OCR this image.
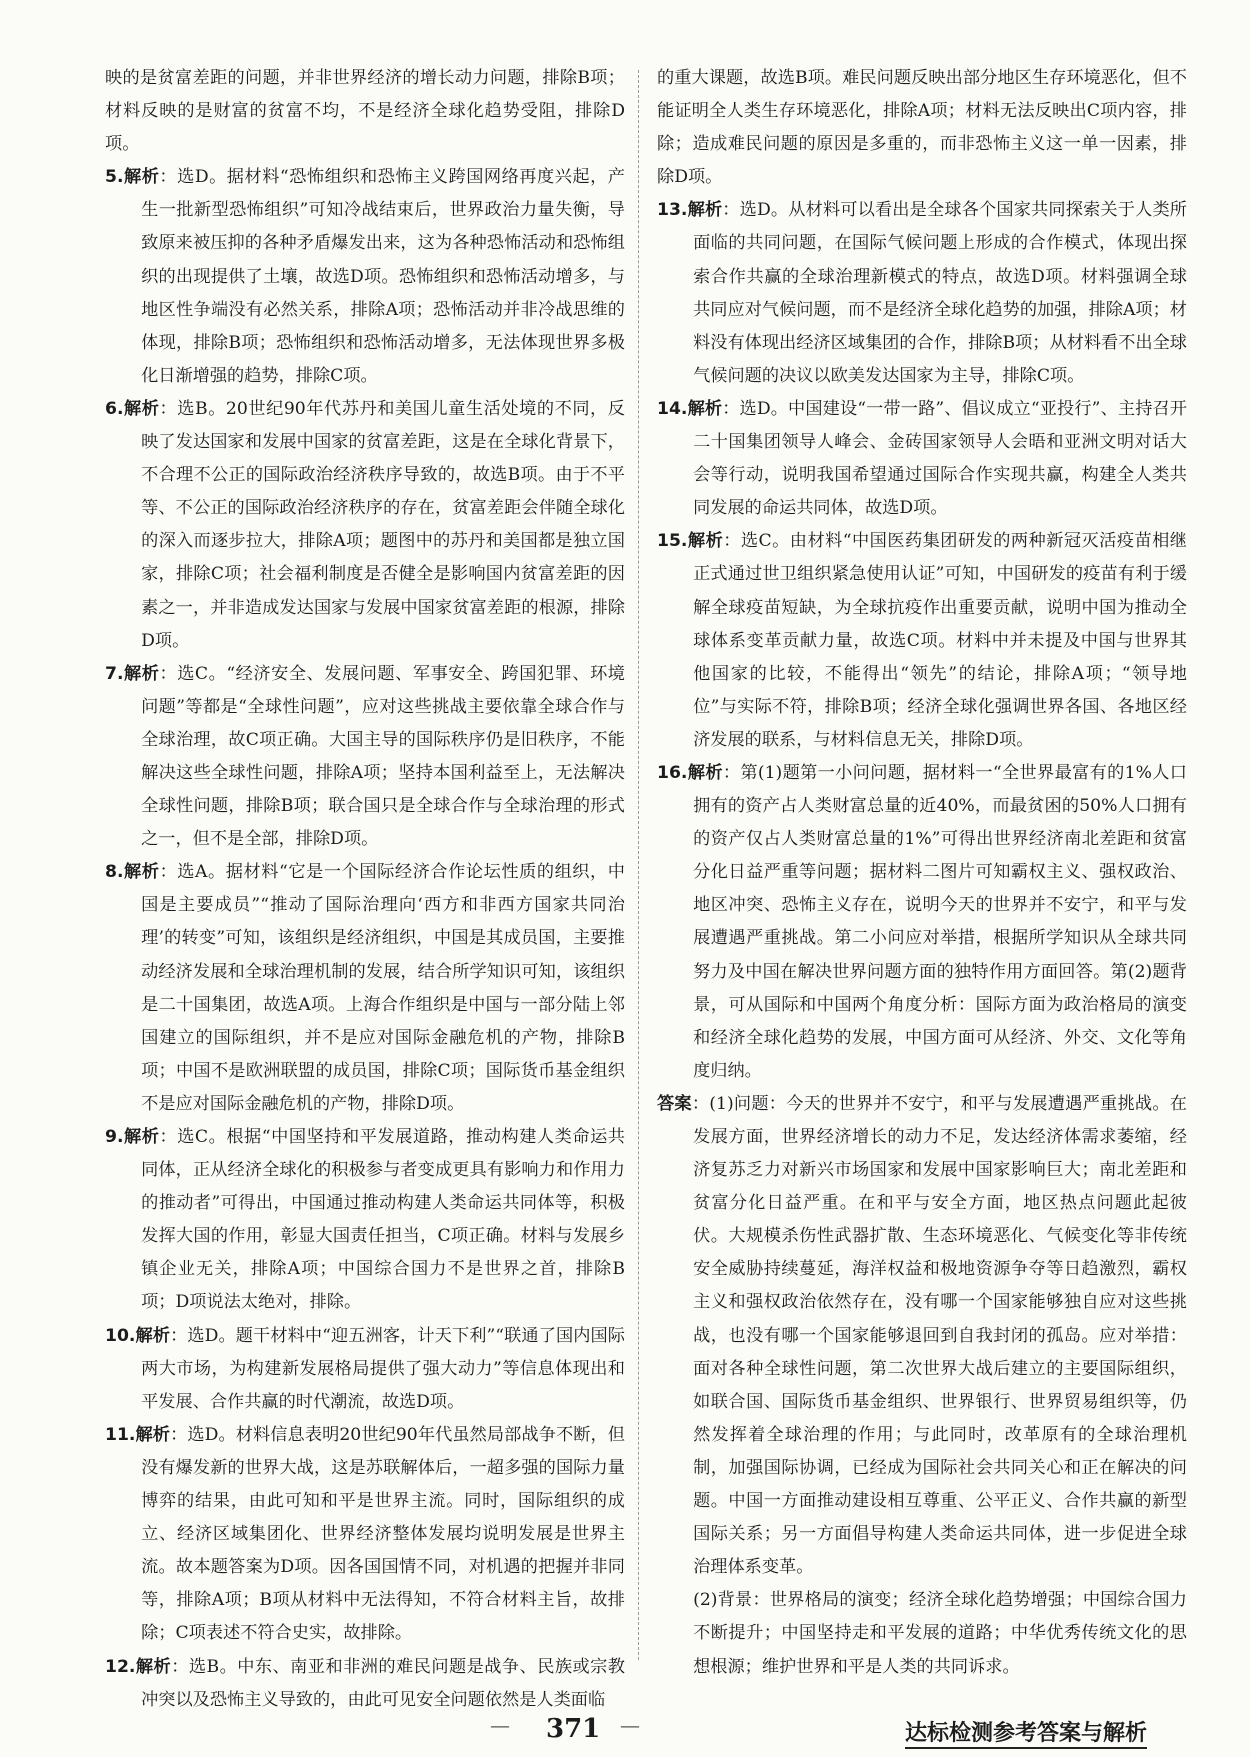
映的是贫富差距的问题，并非世界经济的增长动力问题，排除B项；材料反映的是财富的贫富不均，不是经济全球化趋势受阻，排除D项。

5.解析：选D。据材料“恐怖组织和恐怖主义跨国网络再度兴起，产生一批新型恐怖组织”可知冷战结束后，世界政治力量失衡，导致原来被压抑的各种矛盾爆发出来，这为各种恐怖活动和恐怖组织的出现提供了土壤，故选D项。恐怖组织和恐怖活动增多，与地区性争端没有必然关系，排除A项；恐怖活动并非冷战思维的体现，排除B项；恐怖组织和恐怖活动增多，无法体现世界多极化日渐增强的趋势，排除C项。

6.解析：选B。20世纪90年代苏丹和美国儿童生活处境的不同，反映了发达国家和发展中国家的贫富差距，这是在全球化背景下，不合理不公正的国际政治经济秩序导致的，故选B项。由于不平等、不公正的国际政治经济秩序的存在，贫富差距会伴随全球化的深入而逐步拉大，排除A项；题图中的苏丹和美国都是独立国家，排除C项；社会福利制度是否健全是影响国内贫富差距的因素之一，并非造成发达国家与发展中国家贫富差距的根源，排除D项。

7.解析：选C。“经济安全、发展问题、军事安全、跨国犯罪、环境问题”等都是“全球性问题”，应对这些挑战主要依靠全球合作与全球治理，故C项正确。大国主导的国际秩序仍是旧秩序，不能解决这些全球性问题，排除A项；坚持本国利益至上，无法解决全球性问题，排除B项；联合国只是全球合作与全球治理的形式之一，但不是全部，排除D项。

8.解析：选A。据材料“它是一个国际经济合作论坛性质的组织，中国是主要成员”“推动了国际治理向‘西方和非西方国家共同治理’的转变”可知，该组织是经济组织，中国是其成员国，主要推动经济发展和全球治理机制的发展，结合所学知识可知，该组织是二十国集团，故选A项。上海合作组织是中国与一部分陆上邻国建立的国际组织，并不是应对国际金融危机的产物，排除B项；中国不是欧洲联盟的成员国，排除C项；国际货币基金组织不是应对国际金融危机的产物，排除D项。

9.解析：选C。根据“中国坚持和平发展道路，推动构建人类命运共同体，正从经济全球化的积极参与者变成更具有影响力和作用力的推动者”可得出，中国通过推动构建人类命运共同体等，积极发挥大国的作用，彰显大国责任担当，C项正确。材料与发展乡镇企业无关，排除A项；中国综合国力不是世界之首，排除B项；D项说法太绝对，排除。

10.解析：选D。题干材料中“迎五洲客，计天下利”“联通了国内国际两大市场，为构建新发展格局提供了强大动力”等信息体现出和平发展、合作共赢的时代潮流，故选D项。

11.解析：选D。材料信息表明20世纪90年代虽然局部战争不断，但没有爆发新的世界大战，这是苏联解体后，一超多强的国际力量博弈的结果，由此可知和平是世界主流。同时，国际组织的成立、经济区域集团化、世界经济整体发展均说明发展是世界主流。故本题答案为D项。因各国国情不同，对机遇的把握并非同等，排除A项；B项从材料中无法得知，不符合材料主旨，故排除；C项表述不符合史实，故排除。

12.解析：选B。中东、南亚和非洲的难民问题是战争、民族或宗教冲突以及恐怖主义导致的，由此可见安全问题依然是人类面临

的重大课题，故选B项。难民问题反映出部分地区生存环境恶化，但不能证明全人类生存环境恶化，排除A项；材料无法反映出C项内容，排除；造成难民问题的原因是多重的，而非恐怖主义这一单一因素，排除D项。

13.解析：选D。从材料可以看出是全球各个国家共同探索关于人类所面临的共同问题，在国际气候问题上形成的合作模式，体现出探索合作共赢的全球治理新模式的特点，故选D项。材料强调全球共同应对气候问题，而不是经济全球化趋势的加强，排除A项；材料没有体现出经济区域集团的合作，排除B项；从材料看不出全球气候问题的决议以欧美发达国家为主导，排除C项。

14.解析：选D。中国建设“一带一路”、倡议成立“亚投行”、主持召开二十国集团领导人峰会、金砖国家领导人会晤和亚洲文明对话大会等行动，说明我国希望通过国际合作实现共赢，构建全人类共同发展的命运共同体，故选D项。

15.解析：选C。由材料“中国医药集团研发的两种新冠灭活疫苗相继正式通过世卫组织紧急使用认证”可知，中国研发的疫苗有利于缓解全球疫苗短缺，为全球抗疫作出重要贡献，说明中国为推动全球体系变革贡献力量，故选C项。材料中并未提及中国与世界其他国家的比较，不能得出“领先”的结论，排除A项；“领导地位”与实际不符，排除B项；经济全球化强调世界各国、各地区经济发展的联系，与材料信息无关，排除D项。

16.解析：第(1)题第一小问问题，据材料一“全世界最富有的1%人口拥有的资产占人类财富总量的近40%，而最贫困的50%人口拥有的资产仅占人类财富总量的1%”可得出世界经济南北差距和贫富分化日益严重等问题；据材料二图片可知霸权主义、强权政治、地区冲突、恐怖主义存在，说明今天的世界并不安宁，和平与发展遭遇严重挑战。第二小问应对举措，根据所学知识从全球共同努力及中国在解决世界问题方面的独特作用方面回答。第(2)题背景，可从国际和中国两个角度分析：国际方面为政治格局的演变和经济全球化趋势的发展，中国方面可从经济、外交、文化等角度归纳。

答案：(1)问题：今天的世界并不安宁，和平与发展遭遇严重挑战。在发展方面，世界经济增长的动力不足，发达经济体需求萎缩，经济复苏乏力对新兴市场国家和发展中国家影响巨大；南北差距和贫富分化日益严重。在和平与安全方面，地区热点问题此起彼伏。大规模杀伤性武器扩散、生态环境恶化、气候变化等非传统安全威胁持续蔓延，海洋权益和极地资源争夺等日趋激烈，霸权主义和强权政治依然存在，没有哪一个国家能够独自应对这些挑战，也没有哪一个国家能够退回到自我封闭的孤岛。应对举措：面对各种全球性问题，第二次世界大战后建立的主要国际组织，如联合国、国际货币基金组织、世界银行、世界贸易组织等，仍然发挥着全球治理的作用；与此同时，改革原有的全球治理机制，加强国际协调，已经成为国际社会共同关心和正在解决的问题。中国一方面推动建设相互尊重、公平正义、合作共赢的新型国际关系；另一方面倡导构建人类命运共同体，进一步促进全球治理体系变革。

(2)背景：世界格局的演变；经济全球化趋势增强；中国综合国力不断提升；中国坚持走和平发展的道路；中华优秀传统文化的思想根源；维护世界和平是人类的共同诉求。

— 371 —	达标检测参考答案与解析
